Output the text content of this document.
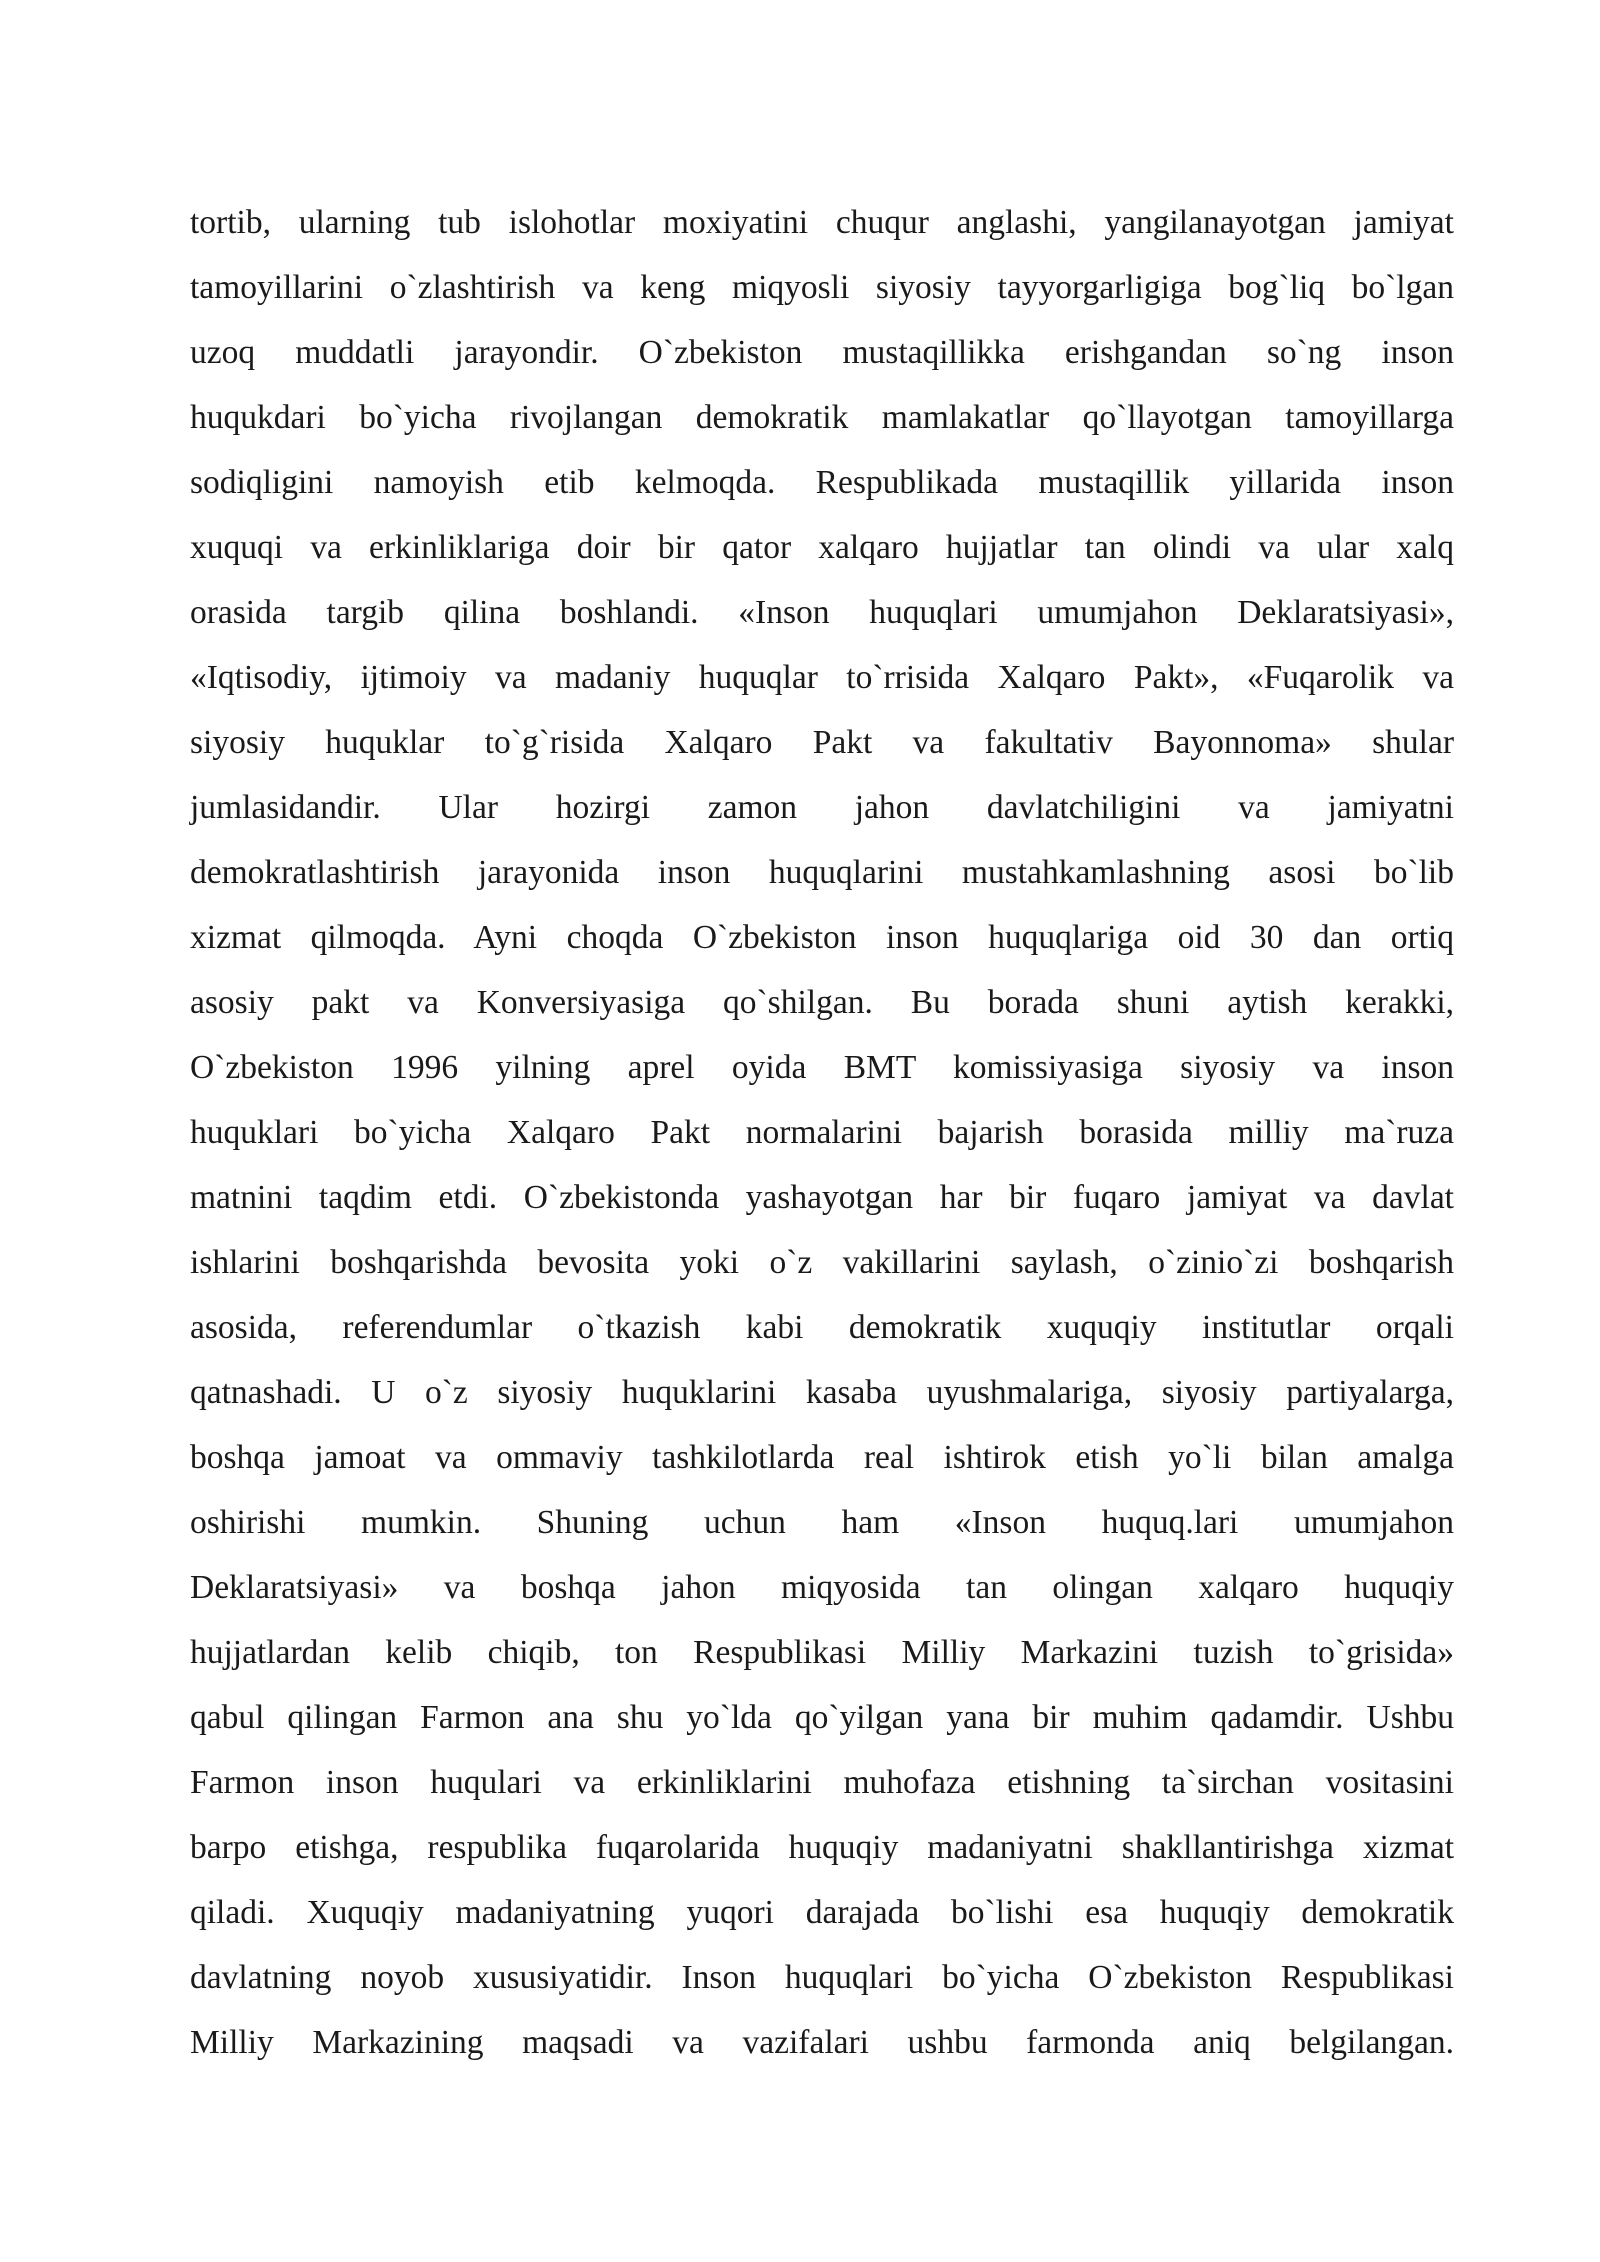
tortib, ularning tub islohotlar moxiyatini chuqur anglashi, yangilanayotgan jamiyat
tamoyillarini o`zlashtirish va keng miqyosli siyosiy tayyorgarligiga bog`liq bo`lgan
uzoq muddatli jarayondir. O`zbekiston mustaqillikka erishgandan so`ng inson
huqukdari bo`yicha rivojlangan demokratik mamlakatlar qo`llayotgan tamoyillarga
sodiqligini namoyish etib kelmoqda. Respublikada mustaqillik yillarida inson
xuquqi va erkinliklariga doir bir qator xalqaro hujjatlar tan olindi va ular xalq
orasida targib qilina boshlandi. «Inson huquqlari umumjahon Deklaratsiyasi»,
«Iqtisodiy, ijtimoiy va madaniy huquqlar to`rrisida Xalqaro Pakt», «Fuqarolik va
siyosiy huquklar to`g`risida Xalqaro Pakt va fakultativ Bayonnoma» shular
jumlasidandir. Ular hozirgi zamon jahon davlatchiligini va jamiyatni
demokratlashtirish jarayonida inson huquqlarini mustahkamlashning asosi bo`lib
xizmat qilmoqda. Ayni choqda O`zbekiston inson huquqlariga oid 30 dan ortiq
asosiy pakt va Konversiyasiga qo`shilgan. Bu borada shuni aytish kerakki,
O`zbekiston 1996 yilning aprel oyida BMT komissiyasiga siyosiy va inson
huquklari bo`yicha Xalqaro Pakt normalarini bajarish borasida milliy ma`ruza
matnini taqdim etdi. O`zbekistonda yashayotgan har bir fuqaro jamiyat va davlat
ishlarini boshqarishda bevosita yoki o`z vakillarini saylash, o`zinio`zi boshqarish
asosida, referendumlar o`tkazish kabi demokratik xuquqiy institutlar orqali
qatnashadi. U o`z siyosiy huquklarini kasaba uyushmalariga, siyosiy partiyalarga,
boshqa jamoat va ommaviy tashkilotlarda real ishtirok etish yo`li bilan amalga
oshirishi mumkin. Shuning uchun ham «Inson huquq.lari umumjahon
Deklaratsiyasi» va boshqa jahon miqyosida tan olingan xalqaro huquqiy
hujjatlardan kelib chiqib, ton Respublikasi Milliy Markazini tuzish to`grisida»
qabul qilingan Farmon ana shu yo`lda qo`yilgan yana bir muhim qadamdir. Ushbu
Farmon inson huqulari va erkinliklarini muhofaza etishning ta`sirchan vositasini
barpo etishga, respublika fuqarolarida huquqiy madaniyatni shakllantirishga xizmat
qiladi. Xuquqiy madaniyatning yuqori darajada bo`lishi esa huquqiy demokratik
davlatning noyob xususiyatidir. Inson huquqlari bo`yicha O`zbekiston Respublikasi
Milliy Markazining maqsadi va vazifalari ushbu farmonda aniq belgilangan.
